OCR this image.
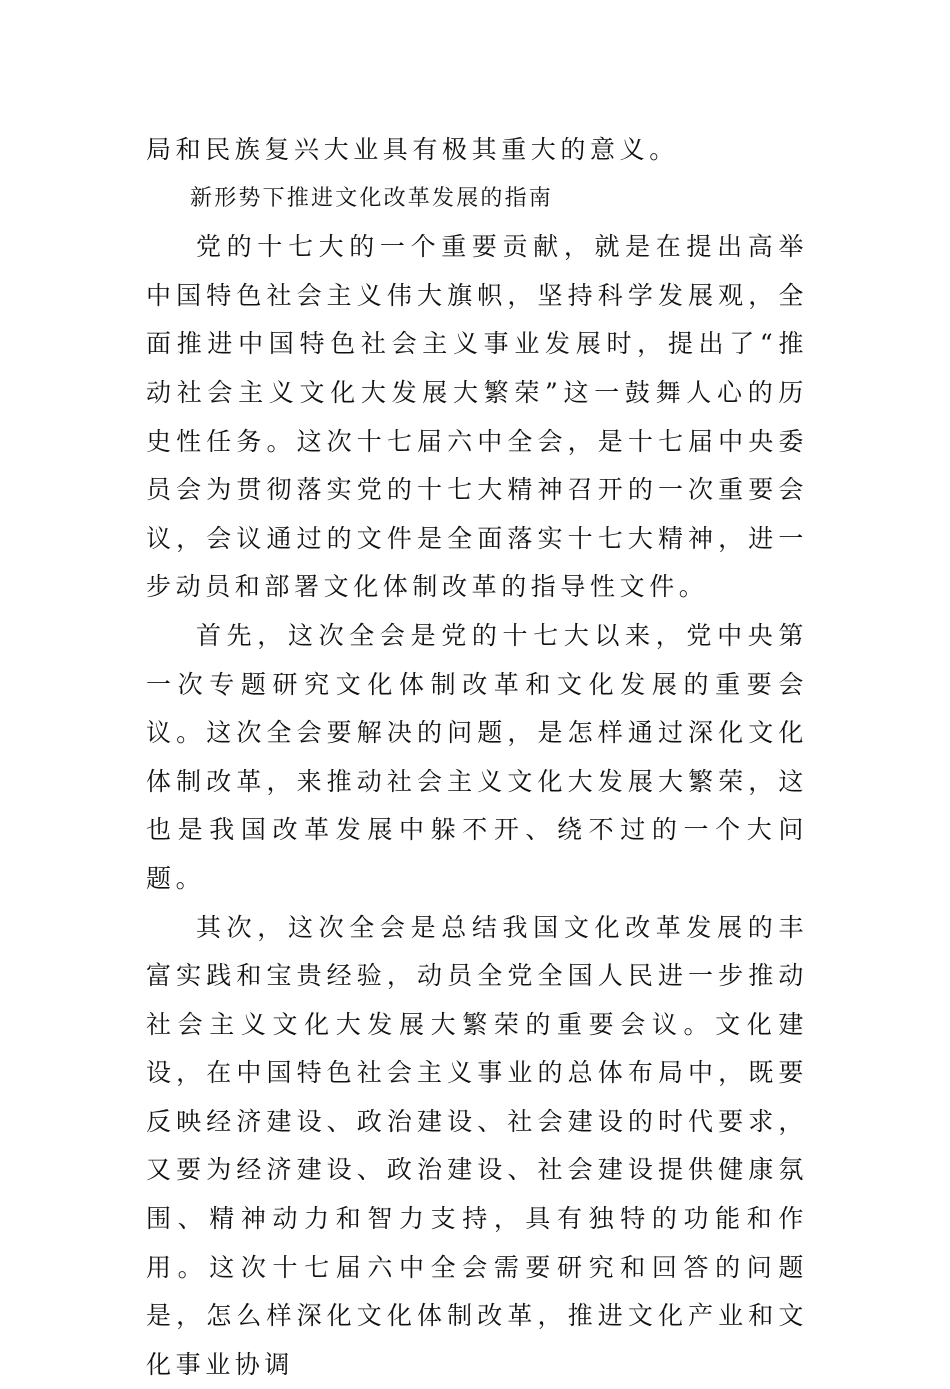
局和民族复兴大业具有极其重大的意义。

新形势下推进文化改革发展的指南

党的十七大的一个重要贡献，就是在提出高举中国特色社会主义伟大旗帜，坚持科学发展观，全面推进中国特色社会主义事业发展时，提出了“推动社会主义文化大发展大繁荣”这一鼓舞人心的历史性任务。这次十七届六中全会，是十七届中央委员会为贯彻落实党的十七大精神召开的一次重要会议，会议通过的文件是全面落实十七大精神，进一步动员和部署文化体制改革的指导性文件。

首先，这次全会是党的十七大以来，党中央第一次专题研究文化体制改革和文化发展的重要会议。这次全会要解决的问题，是怎样通过深化文化体制改革，来推动社会主义文化大发展大繁荣，这也是我国改革发展中躲不开、绕不过的一个大问题。

其次，这次全会是总结我国文化改革发展的丰富实践和宝贵经验，动员全党全国人民进一步推动社会主义文化大发展大繁荣的重要会议。文化建设，在中国特色社会主义事业的总体布局中，既要反映经济建设、政治建设、社会建设的时代要求，又要为经济建设、政治建设、社会建设提供健康氛围、精神动力和智力支持，具有独特的功能和作用。这次十七届六中全会需要研究和回答的问题是，怎么样深化文化体制改革，推进文化产业和文化事业协调
